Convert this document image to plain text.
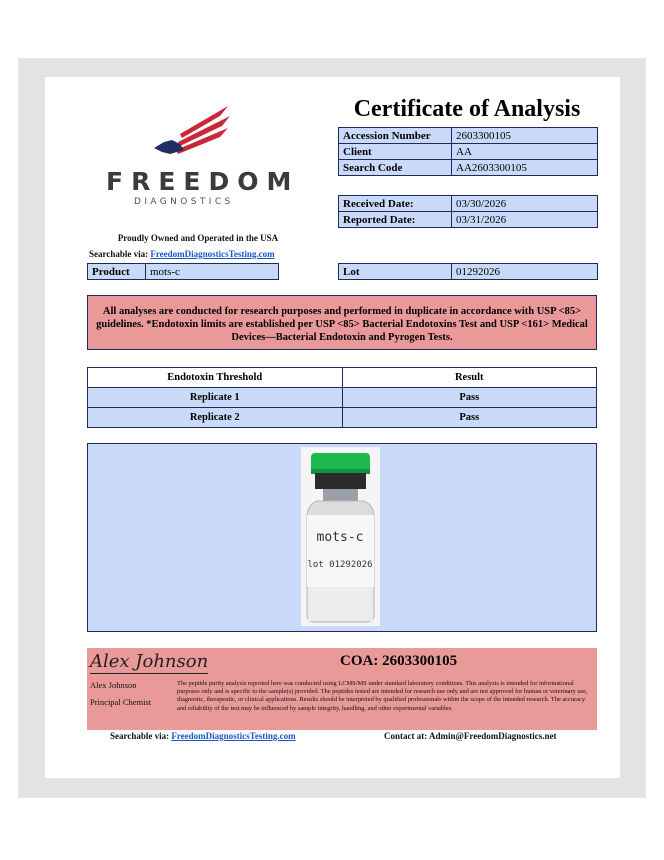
FREEDOM
DIAGNOSTICS
Proudly Owned and Operated in the USA
Searchable via: FreedomDiagnosticsTesting.com
Certificate of Analysis
Accession Number	2603300105
Client	AA
Search Code	AA2603300105
Received Date:	03/30/2026
Reported Date:	03/31/2026
Product	mots-c	Lot	01292026
All analyses are conducted for research purposes and performed in duplicate in accordance with USP <85> guidelines. *Endotoxin limits are established per USP <85> Bacterial Endotoxins Test and USP <161> Medical Devices—Bacterial Endotoxin and Pyrogen Tests.
Endotoxin Threshold	Result
Replicate 1	Pass
Replicate 2	Pass
mots-c
lot 01292026
Alex Johnson	COA: 2603300105
Alex Johnson
Principal Chemist
The peptide purity analysis reported here was conducted using LCMS/MS under standard laboratory conditions. This analysis is intended for informational purposes only and is specific to the sample(s) provided. The peptides tested are intended for research use only and are not approved for human or veterinary use, diagnostic, therapeutic, or clinical applications. Results should be interpreted by qualified professionals within the scope of the intended research. The accuracy and reliability of the test may be influenced by sample integrity, handling, and other experimental variables.
Searchable via: FreedomDiagnosticsTesting.com	Contact at: Admin@FreedomDiagnostics.net
